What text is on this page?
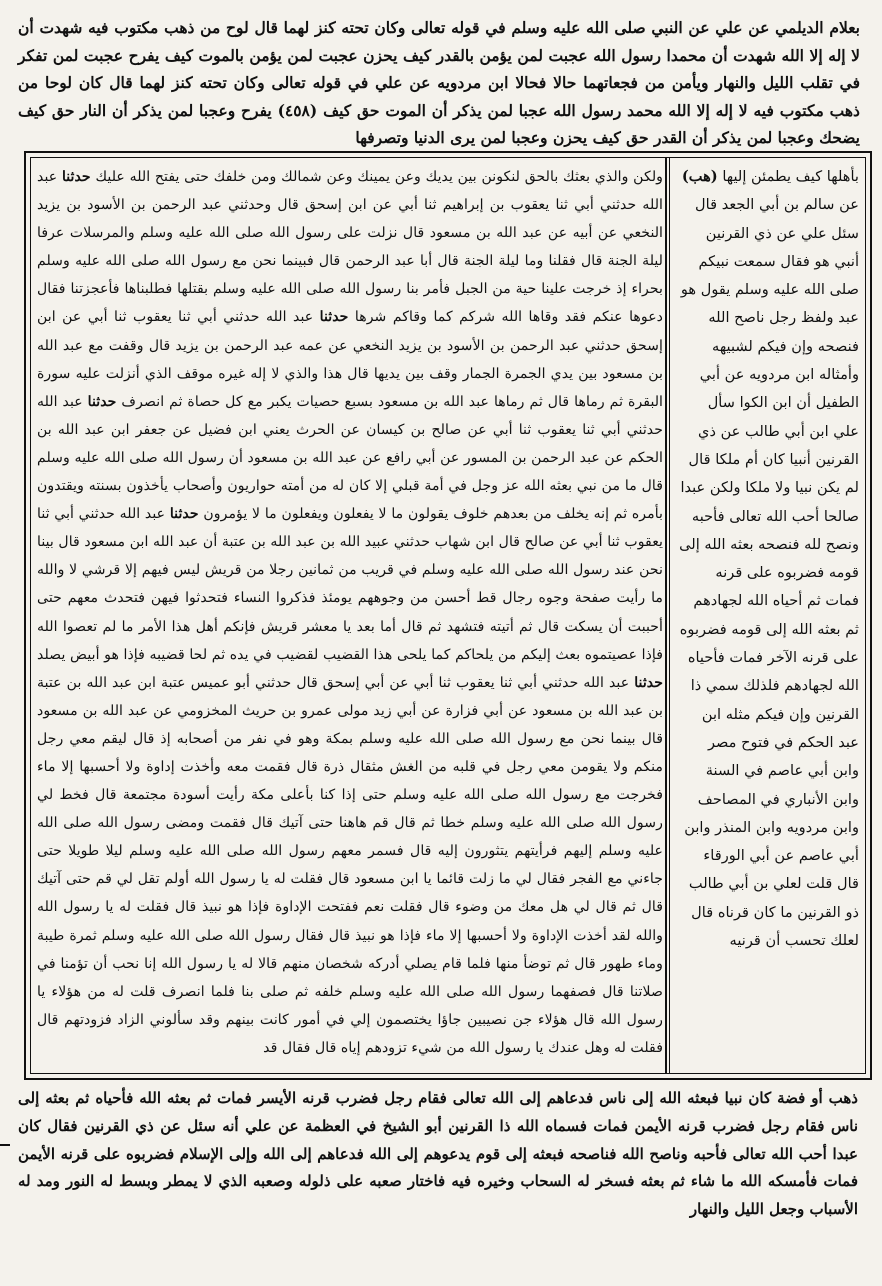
بعلام الديلمي عن علي عن النبي صلى الله عليه وسلم في قوله تعالى وكان تحته كنز لهما قال لوح من ذهب مكتوب فيه شهدت أن لا إله إلا الله شهدت أن محمدا رسول الله عجبت لمن يؤمن بالقدر كيف يحزن عجبت لمن يؤمن بالموت كيف يفرح عجبت لمن تفكر في تقلب الليل والنهار ويأمن من فجعاتهما حالا فحالا ابن مردويه عن علي في قوله تعالى وكان تحته كنز لهما قال كان لوحا من ذهب مكتوب فيه لا إله إلا الله محمد رسول الله عجبا لمن يذكر أن الموت حق كيف (٤٥٨) يفرح وعجبا لمن يذكر أن النار حق كيف يضحك وعجبا لمن يذكر أن القدر حق كيف يحزن وعجبا لمن يرى الدنيا وتصرفها
ولكن والذي بعثك بالحق لنكونن بين يديك وعن يمينك وعن شمالك ومن خلفك حتى يفتح الله عليك حدثنا عبد الله حدثني أبي ثنا يعقوب بن إبراهيم ثنا أبي عن ابن إسحق قال وحدثني عبد الرحمن بن الأسود بن يزيد النخعي عن أبيه عن عبد الله بن مسعود قال نزلت على رسول الله صلى الله عليه وسلم والمرسلات عرفا ليلة الجنة قال فقلنا وما ليلة الجنة قال أبا عبد الرحمن قال فبينما نحن مع رسول الله صلى الله عليه وسلم بحراء إذ خرجت علينا حية من الجبل فأمر بنا رسول الله صلى الله عليه وسلم بقتلها فطلبناها فأعجزتنا فقال دعوها عنكم فقد وقاها الله شركم كما وقاكم شرها حدثنا عبد الله حدثني أبي ثنا يعقوب ثنا أبي عن ابن إسحق حدثني عبد الرحمن بن الأسود بن يزيد النخعي عن عمه عبد الرحمن بن يزيد قال وقفت مع عبد الله بن مسعود بين يدي الجمرة الجمار وقف بين يديها قال هذا والذي لا إله غيره موقف الذي أنزلت عليه سورة البقرة ثم رماها قال ثم رماها عبد الله بن مسعود بسبع حصيات يكبر مع كل حصاة ثم انصرف حدثنا عبد الله حدثني أبي ثنا يعقوب ثنا أبي عن صالح بن كيسان عن الحرث يعني ابن فضيل عن جعفر ابن عبد الله بن الحكم عن عبد الرحمن بن المسور عن أبي رافع عن عبد الله بن مسعود أن رسول الله صلى الله عليه وسلم قال ما من نبي بعثه الله عز وجل في أمة قبلي إلا كان له من أمته حواريون وأصحاب يأخذون بسنته ويقتدون بأمره ثم إنه يخلف من بعدهم خلوف يقولون ما لا يفعلون ويفعلون ما لا يؤمرون حدثنا عبد الله حدثني أبي ثنا يعقوب ثنا أبي عن صالح قال ابن شهاب حدثني عبيد الله بن عبد الله بن عتبة أن عبد الله ابن مسعود قال بينا نحن عند رسول الله صلى الله عليه وسلم في قريب من ثمانين رجلا من قريش ليس فيهم إلا قرشي لا والله ما رأيت صفحة وجوه رجال قط أحسن من وجوههم يومئذ فذكروا النساء فتحدثوا فيهن فتحدث معهم حتى أحببت أن يسكت قال ثم أتيته فتشهد ثم قال أما بعد يا معشر قريش فإنكم أهل هذا الأمر ما لم تعصوا الله فإذا عصيتموه بعث إليكم من يلحاكم كما يلحى هذا القضيب لقضيب في يده ثم لحا قضيبه فإذا هو أبيض يصلد حدثنا عبد الله حدثني أبي ثنا يعقوب ثنا أبي عن أبي إسحق قال حدثني أبو عميس عتبة ابن عبد الله بن عتبة بن عبد الله بن مسعود عن أبي فزارة عن أبي زيد مولى عمرو بن حريث المخزومي عن عبد الله بن مسعود قال بينما نحن مع رسول الله صلى الله عليه وسلم بمكة وهو في نفر من أصحابه إذ قال ليقم معي رجل منكم ولا يقومن معي رجل في قلبه من الغش مثقال ذرة قال فقمت معه وأخذت إداوة ولا أحسبها إلا ماء فخرجت مع رسول الله صلى الله عليه وسلم حتى إذا كنا بأعلى مكة رأيت أسودة مجتمعة قال فخط لي رسول الله صلى الله عليه وسلم خطا ثم قال قم هاهنا حتى آتيك قال فقمت ومضى رسول الله صلى الله عليه وسلم إليهم فرأيتهم يتثورون إليه قال فسمر معهم رسول الله صلى الله عليه وسلم ليلا طويلا حتى جاءني مع الفجر فقال لي ما زلت قائما يا ابن مسعود قال فقلت له يا رسول الله أولم تقل لي قم حتى آتيك قال ثم قال لي هل معك من وضوء قال فقلت نعم ففتحت الإداوة فإذا هو نبيذ قال فقلت له يا رسول الله والله لقد أخذت الإداوة ولا أحسبها إلا ماء فإذا هو نبيذ قال فقال رسول الله صلى الله عليه وسلم ثمرة طيبة وماء طهور قال ثم توضأ منها فلما قام يصلي أدركه شخصان منهم قالا له يا رسول الله إنا نحب أن تؤمنا في صلاتنا قال فصفهما رسول الله صلى الله عليه وسلم خلفه ثم صلى بنا فلما انصرف قلت له من هؤلاء يا رسول الله قال هؤلاء جن نصيبين جاؤا يختصمون إلي في أمور كانت بينهم وقد سألوني الزاد فزودتهم قال فقلت له وهل عندك يا رسول الله من شيء تزودهم إياه قال فقال قد
بأهلها كيف يطمئن إليها (هب) عن سالم بن أبي الجعد قال سئل علي عن ذي القرنين أنبي هو فقال سمعت نبيكم صلى الله عليه وسلم يقول هو عبد ولفظ رجل ناصح الله فنصحه وإن فيكم لشبيهه وأمثاله ابن مردويه عن أبي الطفيل أن ابن الكوا سأل علي ابن أبي طالب عن ذي القرنين أنبيا كان أم ملكا قال لم يكن نبيا ولا ملكا ولكن عبدا صالحا أحب الله تعالى فأحبه ونصح لله فنصحه بعثه الله إلى قومه فضربوه على قرنه فمات ثم أحياه الله لجهادهم ثم بعثه الله إلى قومه فضربوه على قرنه الآخر فمات فأحياه الله لجهادهم فلذلك سمي ذا القرنين وإن فيكم مثله ابن عبد الحكم في فتوح مصر وابن أبي عاصم في السنة وابن الأنباري في المصاحف وابن مردويه وابن المنذر وابن أبي عاصم عن أبي الورقاء قال قلت لعلي بن أبي طالب ذو القرنين ما كان قرناه قال لعلك تحسب أن قرنيه
ذهب أو فضة كان نبيا فبعثه الله إلى ناس فدعاهم إلى الله تعالى فقام رجل فضرب قرنه الأيسر فمات ثم بعثه الله فأحياه ثم بعثه إلى ناس فقام رجل فضرب قرنه الأيمن فمات فسماه الله ذا القرنين أبو الشيخ في العظمة عن علي أنه سئل عن ذي القرنين فقال كان عبدا أحب الله تعالى فأحبه وناصح الله فناصحه فبعثه إلى قوم يدعوهم إلى الله فدعاهم إلى الله وإلى الإسلام فضربوه على قرنه الأيمن فمات فأمسكه الله ما شاء ثم بعثه فسخر له السحاب وخيره فيه فاختار صعبه على ذلوله وصعبه الذي لا يمطر وبسط له النور ومد له الأسباب وجعل الليل والنهار
